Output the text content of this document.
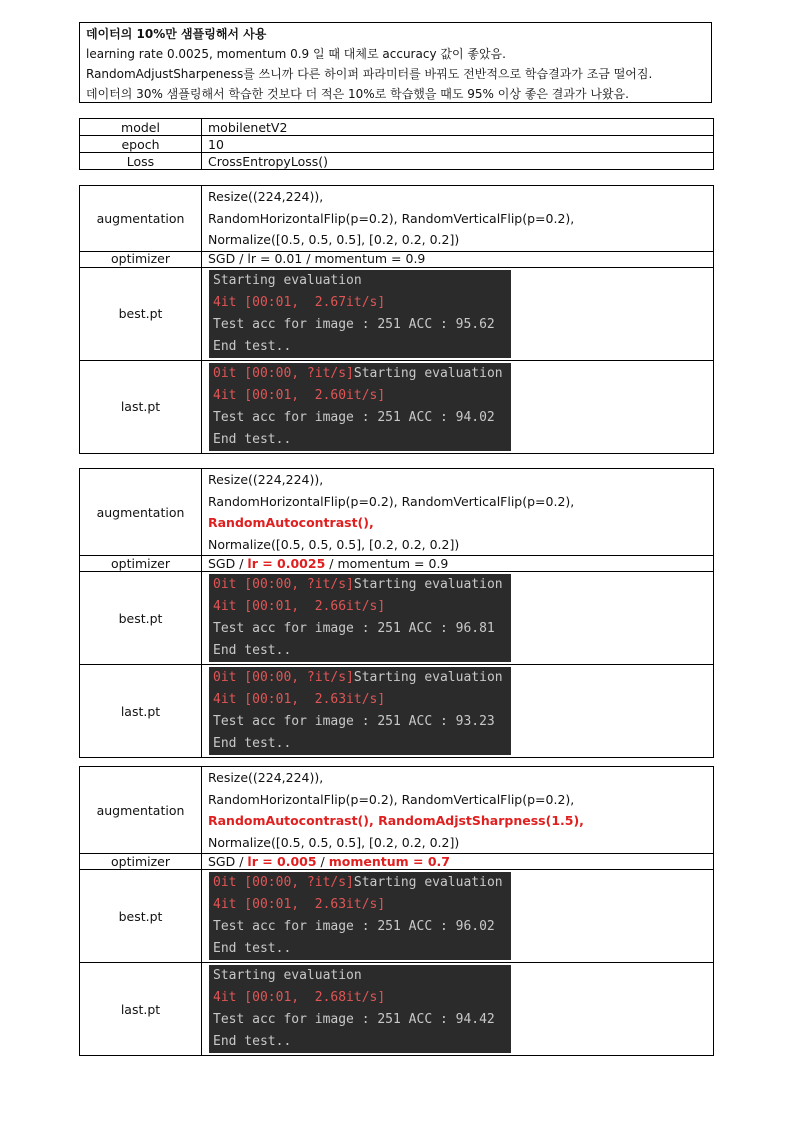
데이터의 10%만 샘플링해서 사용
learning rate 0.0025, momentum 0.9 일 때 대체로 accuracy 값이 좋았음.
RandomAdjustSharpeness를 쓰니까 다른 하이퍼 파라미터를 바꿔도 전반적으로 학습결과가 조금 떨어짐.
데이터의 30% 샘플링해서 학습한 것보다 더 적은 10%로 학습했을 때도 95% 이상 좋은 결과가 나왔음.
model	mobilenetV2
epoch	10
Loss	CrossEntropyLoss()
augmentation	Resize((224,224)),
RandomHorizontalFlip(p=0.2), RandomVerticalFlip(p=0.2),
Normalize([0.5, 0.5, 0.5], [0.2, 0.2, 0.2])

optimizer	SGD / lr = 0.01 / momentum = 0.9
best.pt	Starting evaluation
4it [00:01,  2.67it/s]
Test acc for image : 251 ACC : 95.62
End test..

last.pt	0it [00:00, ?it/s]Starting evaluation
4it [00:01,  2.60it/s]
Test acc for image : 251 ACC : 94.02
End test..
augmentation	Resize((224,224)),
RandomHorizontalFlip(p=0.2), RandomVerticalFlip(p=0.2),
RandomAutocontrast(),
Normalize([0.5, 0.5, 0.5], [0.2, 0.2, 0.2])

optimizer	SGD / lr = 0.0025 / momentum = 0.9
best.pt	0it [00:00, ?it/s]Starting evaluation
4it [00:01,  2.66it/s]
Test acc for image : 251 ACC : 96.81
End test..

last.pt	0it [00:00, ?it/s]Starting evaluation
4it [00:01,  2.63it/s]
Test acc for image : 251 ACC : 93.23
End test..
augmentation	Resize((224,224)),
RandomHorizontalFlip(p=0.2), RandomVerticalFlip(p=0.2),
RandomAutocontrast(), RandomAdjstSharpness(1.5),
Normalize([0.5, 0.5, 0.5], [0.2, 0.2, 0.2])

optimizer	SGD / lr = 0.005 / momentum = 0.7
best.pt	0it [00:00, ?it/s]Starting evaluation
4it [00:01,  2.63it/s]
Test acc for image : 251 ACC : 96.02
End test..

last.pt	Starting evaluation
4it [00:01,  2.68it/s]
Test acc for image : 251 ACC : 94.42
End test..
